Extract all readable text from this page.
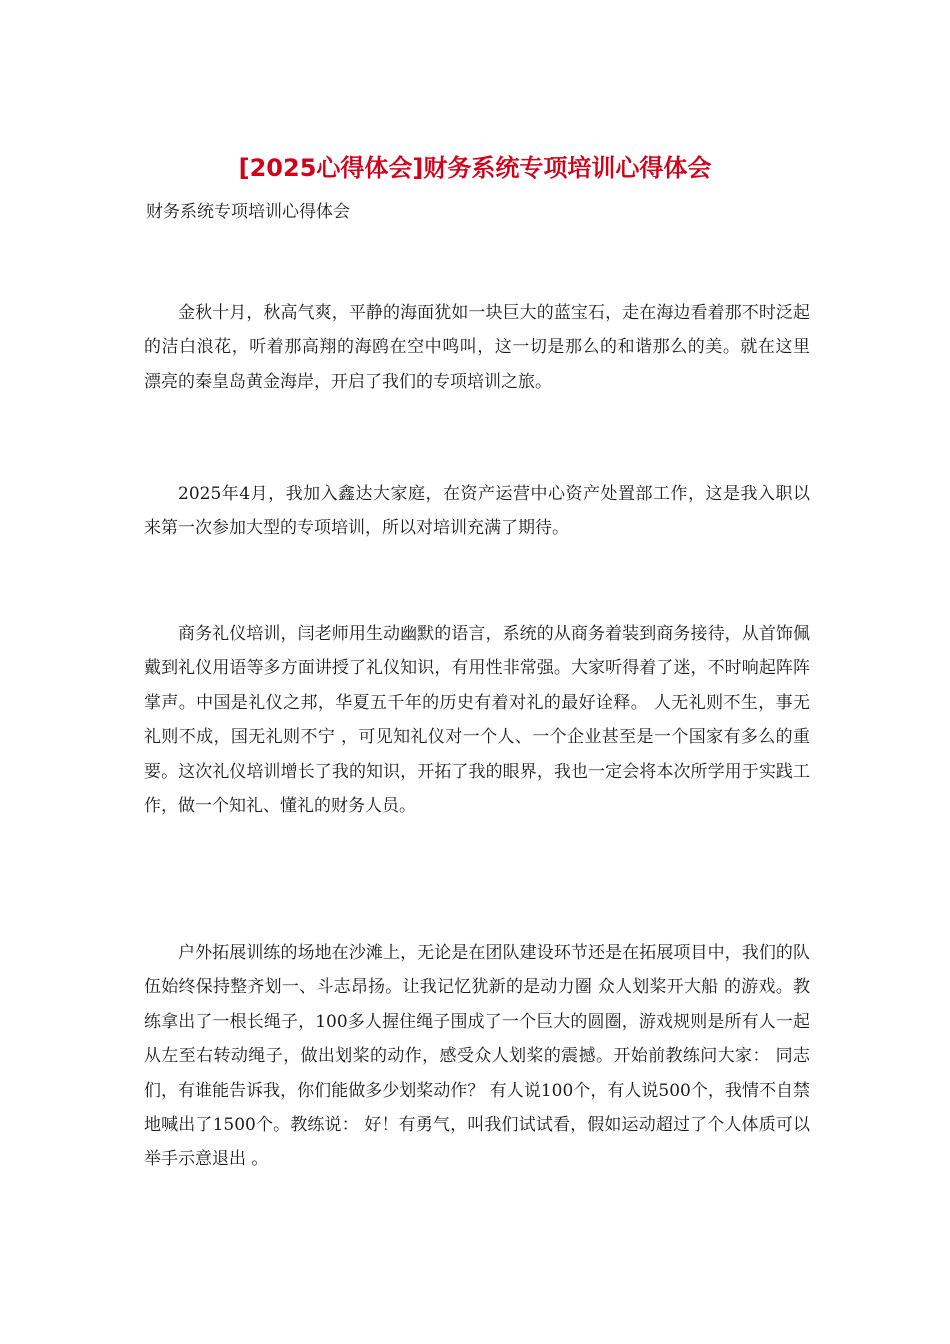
[2025心得体会]财务系统专项培训心得体会

财务系统专项培训心得体会

金秋十月，秋高气爽，平静的海面犹如一块巨大的蓝宝石，走在海边看着那不时泛起的洁白浪花，听着那高翔的海鸥在空中鸣叫，这一切是那么的和谐那么的美。就在这里 漂亮的秦皇岛黄金海岸，开启了我们的专项培训之旅。

2025年4月，我加入鑫达大家庭，在资产运营中心资产处置部工作，这是我入职以来第一次参加大型的专项培训，所以对培训充满了期待。

商务礼仪培训，闫老师用生动幽默的语言，系统的从商务着装到商务接待，从首饰佩戴到礼仪用语等多方面讲授了礼仪知识，有用性非常强。大家听得着了迷，不时响起阵阵掌声。中国是礼仪之邦，华夏五千年的历史有着对礼的最好诠释。 人无礼则不生，事无礼则不成，国无礼则不宁 ，可见知礼仪对一个人、一个企业甚至是一个国家有多么的重要。这次礼仪培训增长了我的知识，开拓了我的眼界，我也一定会将本次所学用于实践工作，做一个知礼、懂礼的财务人员。

户外拓展训练的场地在沙滩上，无论是在团队建设环节还是在拓展项目中，我们的队伍始终保持整齐划一、斗志昂扬。让我记忆犹新的是动力圈 众人划桨开大船 的游戏。教练拿出了一根长绳子，100多人握住绳子围成了一个巨大的圆圈，游戏规则是所有人一起从左至右转动绳子，做出划桨的动作，感受众人划桨的震撼。开始前教练问大家： 同志们，有谁能告诉我，你们能做多少划桨动作？ 有人说100个，有人说500个，我情不自禁地喊出了1500个。教练说： 好！有勇气，叫我们试试看，假如运动超过了个人体质可以举手示意退出 。
